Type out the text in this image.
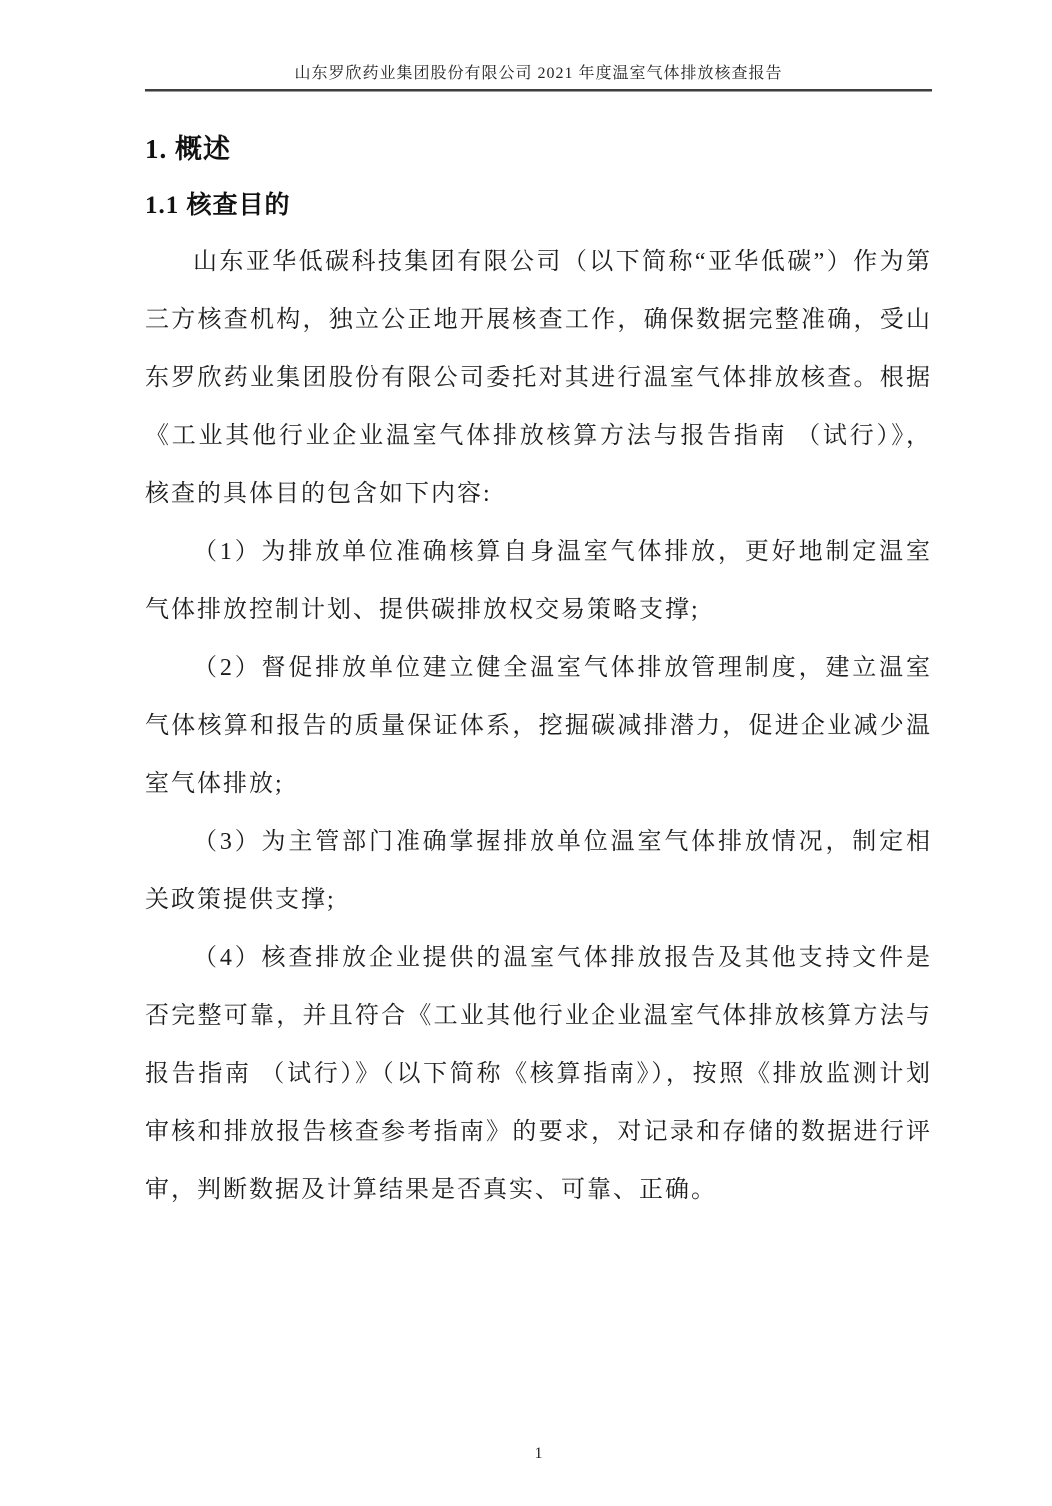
山东罗欣药业集团股份有限公司 2021 年度温室气体排放核查报告
1. 概述
1.1 核查目的

山东亚华低碳科技集团有限公司（以下简称“亚华低碳”）作为第三方核查机构，独立公正地开展核查工作，确保数据完整准确，受山东罗欣药业集团股份有限公司委托对其进行温室气体排放核查。根据《工业其他行业企业温室气体排放核算方法与报告指南 （试行）》，核查的具体目的包含如下内容:

（1）为排放单位准确核算自身温室气体排放，更好地制定温室气体排放控制计划、提供碳排放权交易策略支撑;

（2）督促排放单位建立健全温室气体排放管理制度，建立温室气体核算和报告的质量保证体系，挖掘碳减排潜力，促进企业减少温室气体排放;

（3）为主管部门准确掌握排放单位温室气体排放情况，制定相关政策提供支撑;

（4）核查排放企业提供的温室气体排放报告及其他支持文件是否完整可靠，并且符合《工业其他行业企业温室气体排放核算方法与报告指南 （试行）》（以下简称《核算指南》），按照《排放监测计划审核和排放报告核查参考指南》的要求，对记录和存储的数据进行评审，判断数据及计算结果是否真实、可靠、正确。

1
